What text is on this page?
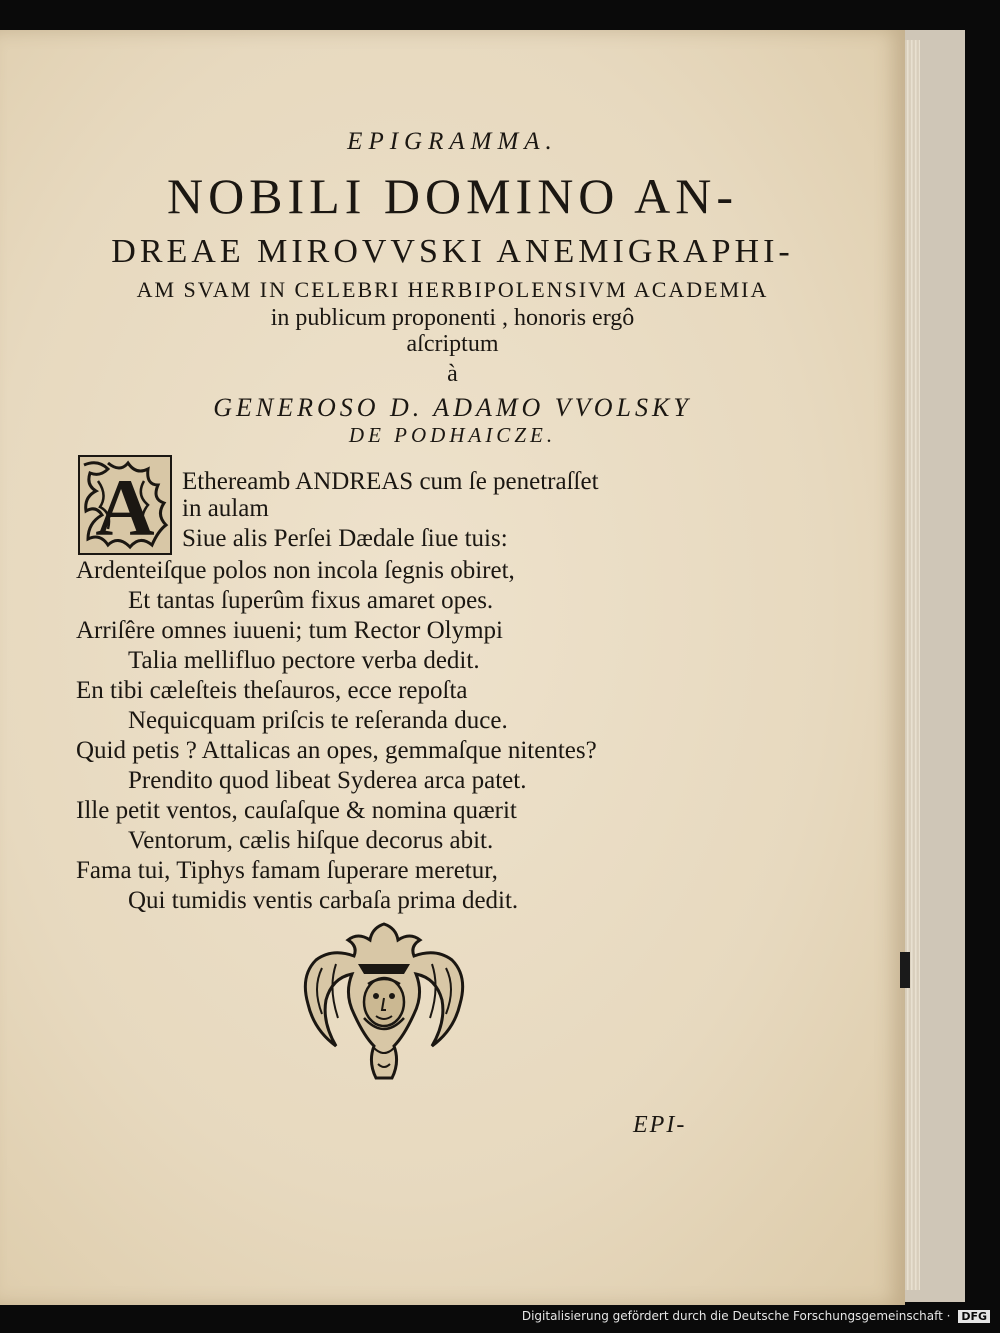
EPIGRAMMA.
NOBILI DOMINO AN-
DREAE MIROVVSKI ANEMIGRAPHI-
AM SVAM IN CELEBRI HERBIPOLENSIVM ACADEMIA
in publicum proponenti , honoris ergô
aſcriptum
à
GENEROSO D. ADAMO VVOLSKY
DE PODHAICZE.
A Ethereamb ANDREAS cum ſe penetraſſet
in aulam
Siue alis Perſei Dædale ſiue tuis:
Ardenteiſque polos non incola ſegnis obiret,
Et tantas ſuperûm fixus amaret opes.
Arriſêre omnes iuueni; tum Rector Olympi
Talia mellifluo pectore verba dedit.
En tibi cæleſteis theſauros, ecce repoſta
Nequicquam priſcis te reſeranda duce.
Quid petis ? Attalicas an opes, gemmaſque nitentes?
Prendito quod libeat Syderea arca patet.
Ille petit ventos, cauſaſque & nomina quærit
Ventorum, cælis hiſque decorus abit.
Fama tui, Tiphys famam ſuperare meretur,
Qui tumidis ventis carbaſa prima dedit.
EPI-
Digitalisierung gefördert durch die Deutsche Forschungsgemeinschaft · DFG
